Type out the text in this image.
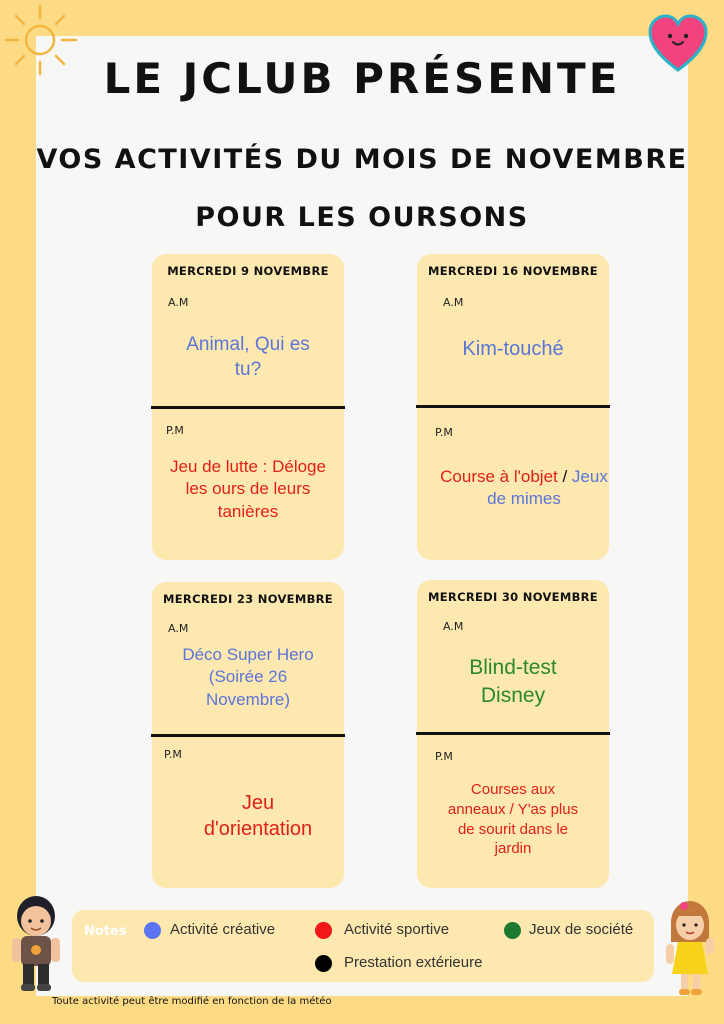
LE JCLUB PRÉSENTE
VOS ACTIVITÉS DU MOIS DE NOVEMBRE
POUR LES OURSONS
MERCREDI 9 NOVEMBRE
A.M
Animal, Qui es tu?
P.M
Jeu de lutte : Déloge les ours de leurs tanières
MERCREDI 16 NOVEMBRE
A.M
Kim-touché
P.M
Course à l'objet / Jeux de mimes
MERCREDI 23 NOVEMBRE
A.M
Déco Super Hero (Soirée 26 Novembre)
P.M
Jeu d'orientation
MERCREDI 30 NOVEMBRE
A.M
Blind-test Disney
P.M
Courses aux anneaux / Y'as plus de sourit dans le jardin
Notes	Activité créative	Activité sportive	Jeux de société
Prestation extérieure
Toute activité peut être modifié en fonction de la météo
